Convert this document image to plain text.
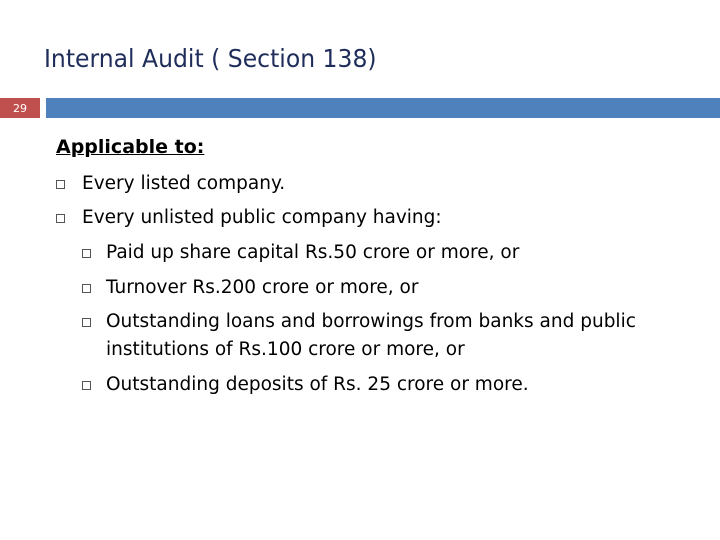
Internal Audit ( Section 138)
29
Applicable to:
Every listed company.
Every unlisted public company having:
Paid up share capital Rs.50 crore or more, or
Turnover Rs.200 crore or more, or
Outstanding loans and borrowings from banks and public
institutions of Rs.100 crore or more, or
Outstanding deposits of Rs. 25 crore or more.
